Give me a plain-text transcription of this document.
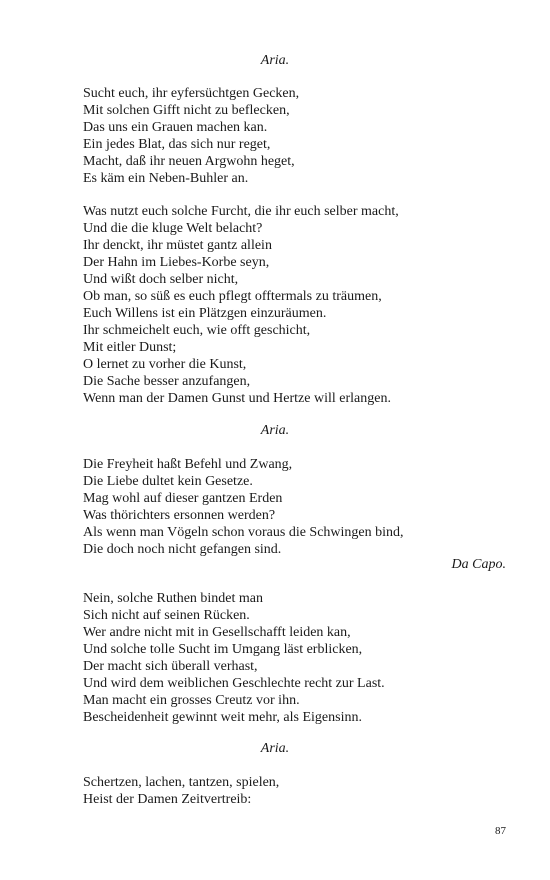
Aria.
Sucht euch, ihr eyfersüchtgen Gecken,
Mit solchen Gifft nicht zu beflecken,
Das uns ein Grauen machen kan.
Ein jedes Blat, das sich nur reget,
Macht, daß ihr neuen Argwohn heget,
Es käm ein Neben-Buhler an.
Was nutzt euch solche Furcht, die ihr euch selber macht,
Und die die kluge Welt belacht?
Ihr denckt, ihr müstet gantz allein
Der Hahn im Liebes-Korbe seyn,
Und wißt doch selber nicht,
Ob man, so süß es euch pflegt offtermals zu träumen,
Euch Willens ist ein Plätzgen einzuräumen.
Ihr schmeichelt euch, wie offt geschicht,
Mit eitler Dunst;
O lernet zu vorher die Kunst,
Die Sache besser anzufangen,
Wenn man der Damen Gunst und Hertze will erlangen.
Aria.
Die Freyheit haßt Befehl und Zwang,
Die Liebe dultet kein Gesetze.
Mag wohl auf dieser gantzen Erden
Was thörichters ersonnen werden?
Als wenn man Vögeln schon voraus die Schwingen bind,
Die doch noch nicht gefangen sind.
Da Capo.
Nein, solche Ruthen bindet man
Sich nicht auf seinen Rücken.
Wer andre nicht mit in Gesellschafft leiden kan,
Und solche tolle Sucht im Umgang läst erblicken,
Der macht sich überall verhast,
Und wird dem weiblichen Geschlechte recht zur Last.
Man macht ein grosses Creutz vor ihn.
Bescheidenheit gewinnt weit mehr, als Eigensinn.
Aria.
Schertzen, lachen, tantzen, spielen,
Heist der Damen Zeitvertreib:
87
